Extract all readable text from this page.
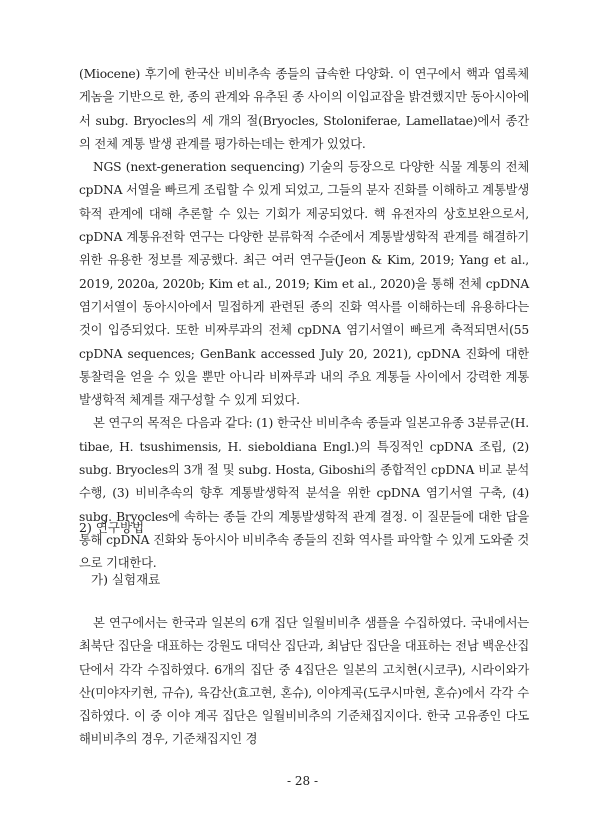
(Miocene) 후기에 한국산 비비추속 종들의 급속한 다양화. 이 연구에서 핵과 엽록체 게놈을 기반으로 한, 종의 관계와 유추된 종 사이의 이입교잡을 밝견했지만 동아시아에서 subg. Bryocles의 세 개의 절(Bryocles, Stoloniferae, Lamellatae)에서 종간의 전체 계통 발생 관계를 평가하는데는 한계가 있었다.

NGS (next-generation sequencing) 기술의 등장으로 다양한 식물 계통의 전체 cpDNA 서열을 빠르게 조립할 수 있게 되었고, 그들의 분자 진화를 이해하고 계통발생학적 관계에 대해 추론할 수 있는 기회가 제공되었다. 핵 유전자의 상호보완으로서, cpDNA 계통유전학 연구는 다양한 분류학적 수준에서 계통발생학적 관계를 해결하기 위한 유용한 정보를 제공했다. 최근 여러 연구들(Jeon & Kim, 2019; Yang et al., 2019, 2020a, 2020b; Kim et al., 2019; Kim et al., 2020)을 통해 전체 cpDNA 염기서열이 동아시아에서 밀접하게 관련된 종의 진화 역사를 이해하는데 유용하다는 것이 입증되었다. 또한 비짜루과의 전체 cpDNA 염기서열이 빠르게 축적되면서(55 cpDNA sequences; GenBank accessed July 20, 2021), cpDNA 진화에 대한 통찰력을 얻을 수 있을 뿐만 아니라 비짜루과 내의 주요 계통들 사이에서 강력한 계통발생학적 체계를 재구성할 수 있게 되었다.

본 연구의 목적은 다음과 같다: (1) 한국산 비비추속 종들과 일본고유종 3분류군(H. tibae, H. tsushimensis, H. sieboldiana Engl.)의 특징적인 cpDNA 조립, (2) subg. Bryocles의 3개 절 및 subg. Hosta, Giboshi의 종합적인 cpDNA 비교 분석 수행, (3) 비비추속의 향후 계통발생학적 분석을 위한 cpDNA 염기서열 구축, (4) subg. Bryocles에 속하는 종들 간의 계통발생학적 관계 결정. 이 질문들에 대한 답을 통해 cpDNA 진화와 동아시아 비비추속 종들의 진화 역사를 파악할 수 있게 도와줄 것으로 기대한다.

2) 연구방법
가) 실험재료

본 연구에서는 한국과 일본의 6개 집단 일월비비추 샘플을 수집하였다. 국내에서는 최북단 집단을 대표하는 강원도 대덕산 집단과, 최남단 집단을 대표하는 전남 백운산집단에서 각각 수집하였다. 6개의 집단 중 4집단은 일본의 고치현(시코쿠), 시라이와가산(미야자키현, 규슈), 육감산(효고현, 혼슈), 이야계곡(도쿠시마현, 혼슈)에서 각각 수집하였다. 이 중 이야 계곡 집단은 일월비비추의 기준채집지이다. 한국 고유종인 다도해비비추의 경우, 기준채집지인 경

- 28 -
